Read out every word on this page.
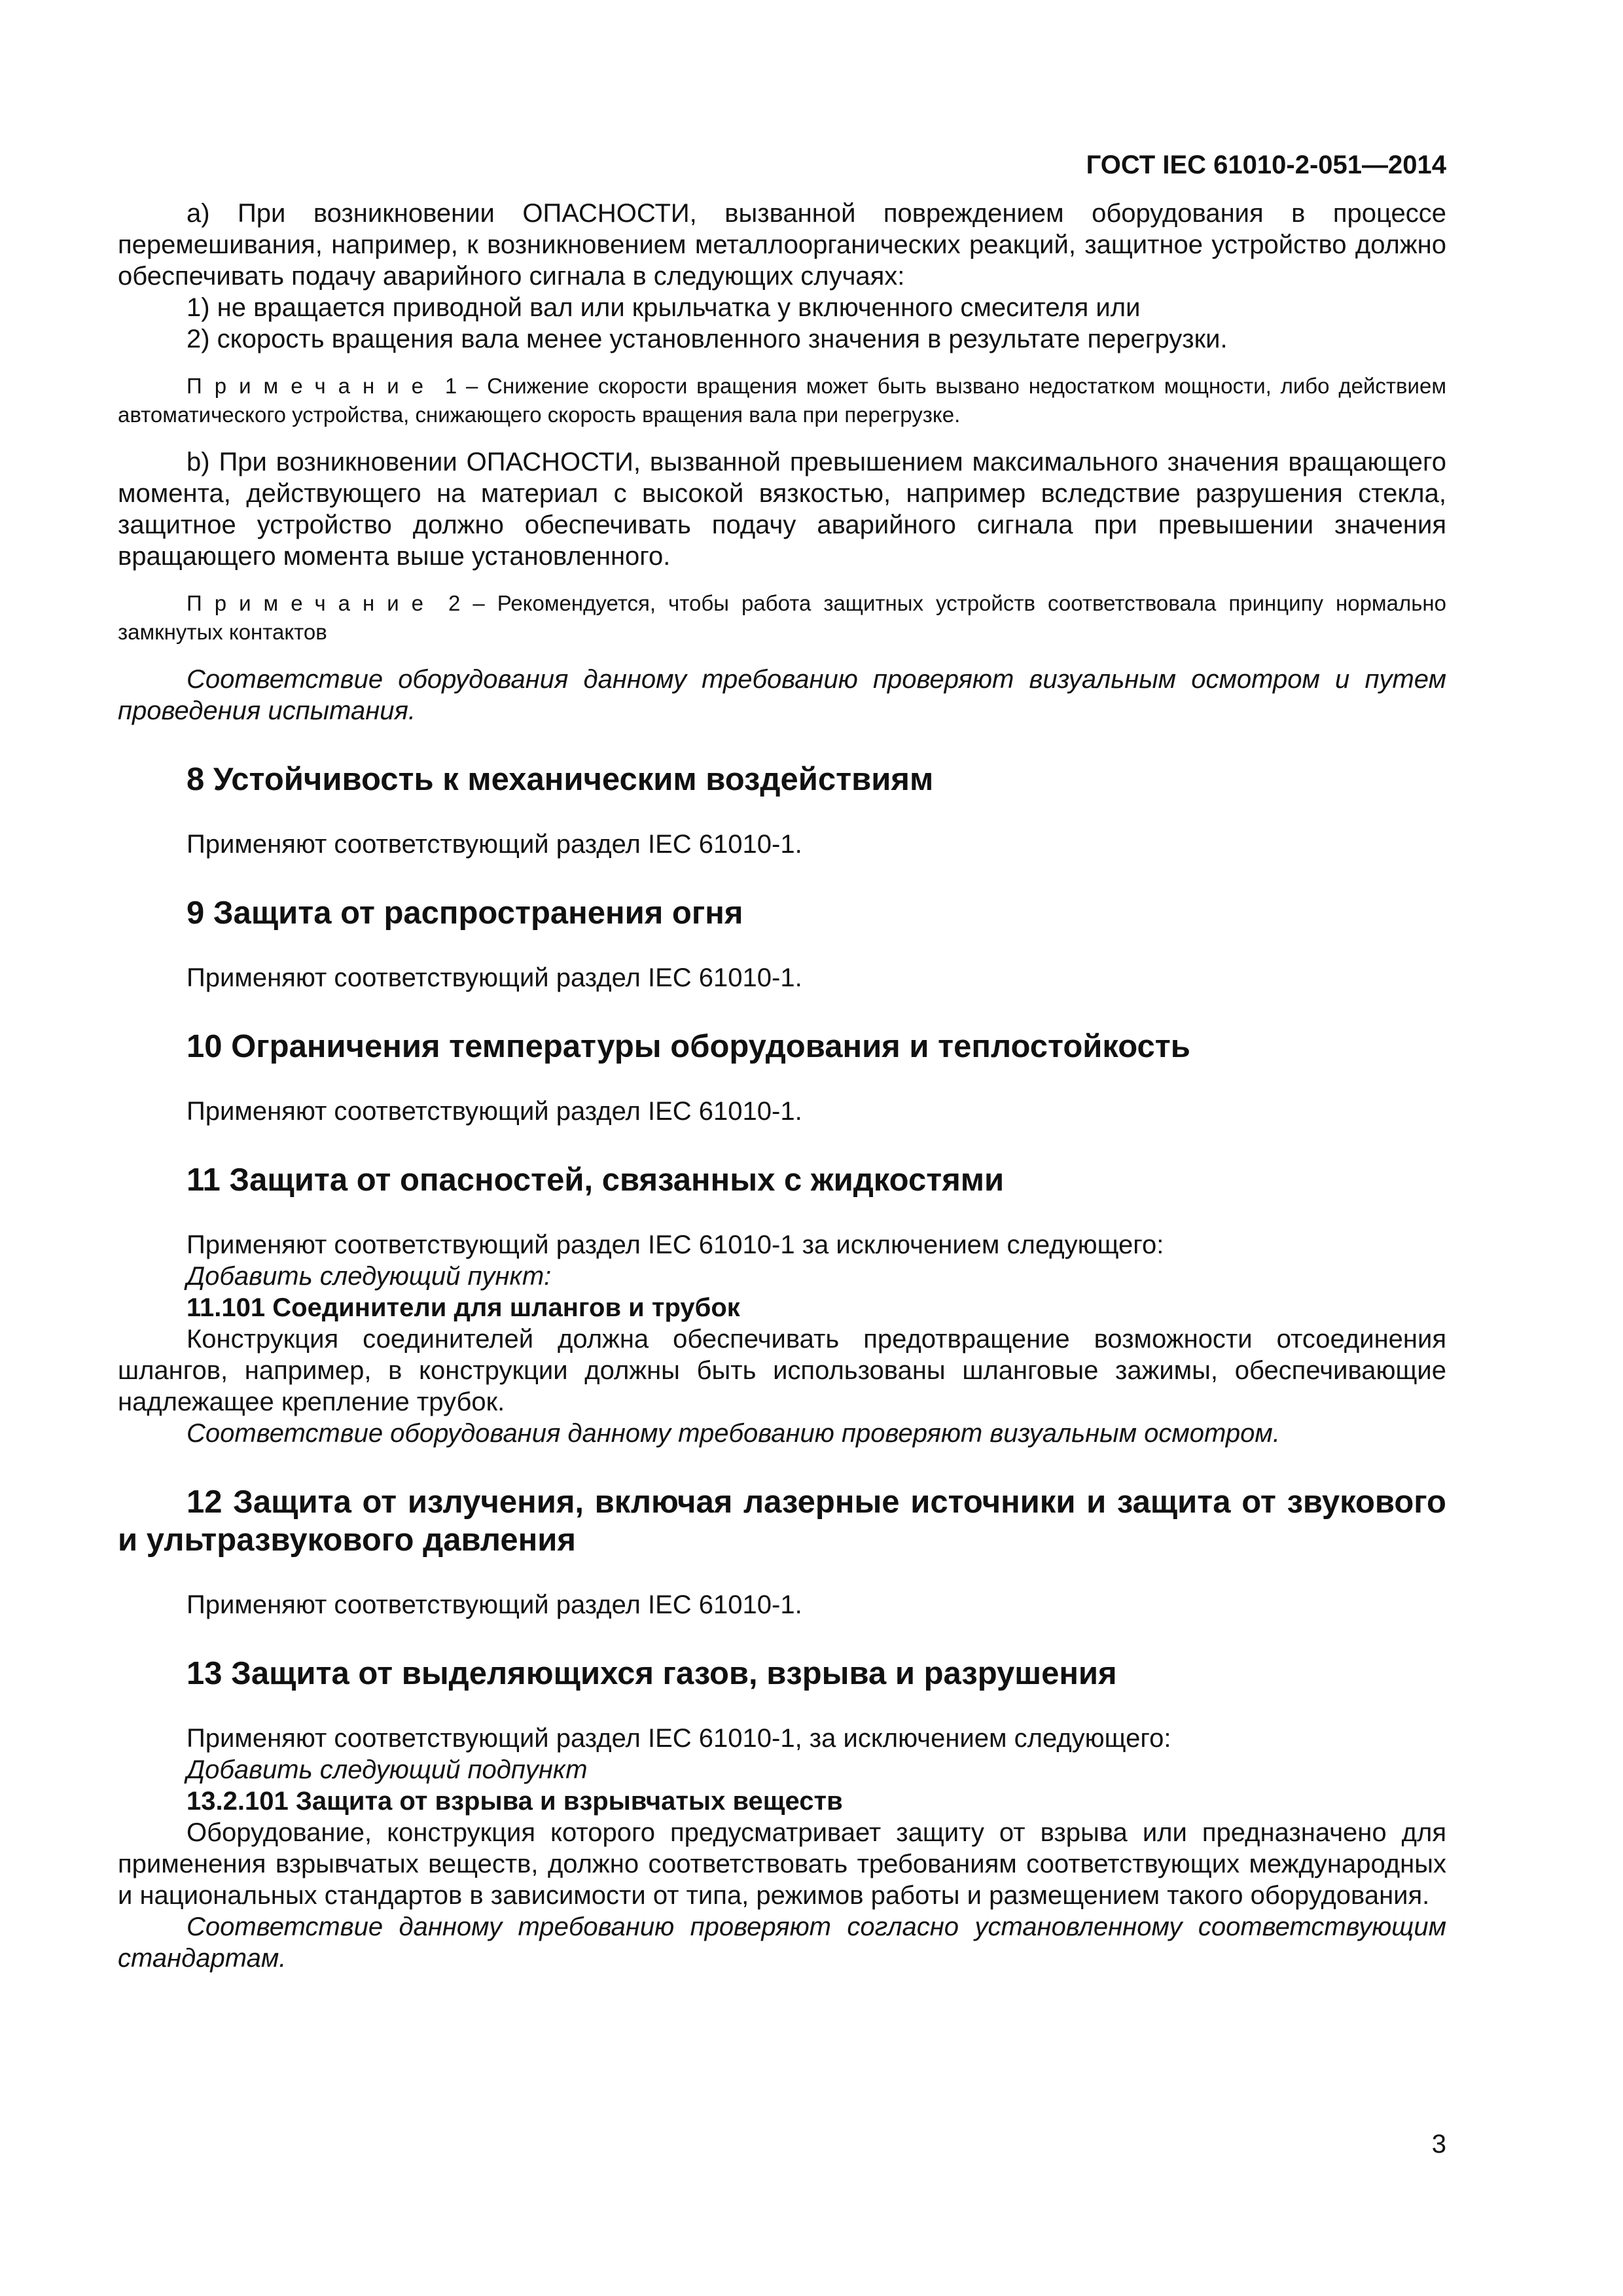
ГОСТ IEC 61010-2-051—2014

a) При возникновении ОПАСНОСТИ, вызванной повреждением оборудования в процессе перемешивания, например, к возникновением металлоорганических реакций, защитное устройство должно обеспечивать подачу аварийного сигнала в следующих случаях:

1) не вращается приводной вал или крыльчатка у включенного смесителя или

2) скорость вращения вала менее установленного значения в результате перегрузки.

Примечание 1 – Снижение скорости вращения может быть вызвано недостатком мощности, либо действием автоматического устройства, снижающего скорость вращения вала при перегрузке.

b) При возникновении ОПАСНОСТИ, вызванной превышением максимального значения вращающего момента, действующего на материал с высокой вязкостью, например вследствие разрушения стекла, защитное устройство должно обеспечивать подачу аварийного сигнала при превышении значения вращающего момента выше установленного.

Примечание 2 – Рекомендуется, чтобы работа защитных устройств соответствовала принципу нормально замкнутых контактов

Соответствие оборудования данному требованию проверяют визуальным осмотром и путем проведения испытания.

8 Устойчивость к механическим воздействиям

Применяют соответствующий раздел IEC 61010-1.

9 Защита от распространения огня

Применяют соответствующий раздел IEC 61010-1.

10 Ограничения температуры оборудования и теплостойкость

Применяют соответствующий раздел IEC 61010-1.

11 Защита от опасностей, связанных с жидкостями

Применяют соответствующий раздел IEC 61010-1 за исключением следующего:

Добавить следующий пункт:

11.101 Соединители для шлангов и трубок

Конструкция соединителей должна обеспечивать предотвращение возможности отсоединения шлангов, например, в конструкции должны быть использованы шланговые зажимы, обеспечивающие надлежащее крепление трубок.

Соответствие оборудования данному требованию проверяют визуальным осмотром.

12 Защита от излучения, включая лазерные источники и защита от звукового и ультразвукового давления

Применяют соответствующий раздел IEC 61010-1.

13 Защита от выделяющихся газов, взрыва и разрушения

Применяют соответствующий раздел IEC 61010-1, за исключением следующего:

Добавить следующий подпункт

13.2.101 Защита от взрыва и взрывчатых веществ

Оборудование, конструкция которого предусматривает защиту от взрыва или предназначено для применения взрывчатых веществ, должно соответствовать требованиям соответствующих международных и национальных стандартов в зависимости от типа, режимов работы и размещением такого оборудования.

Соответствие данному требованию проверяют согласно установленному соответствующим стандартам.

3
